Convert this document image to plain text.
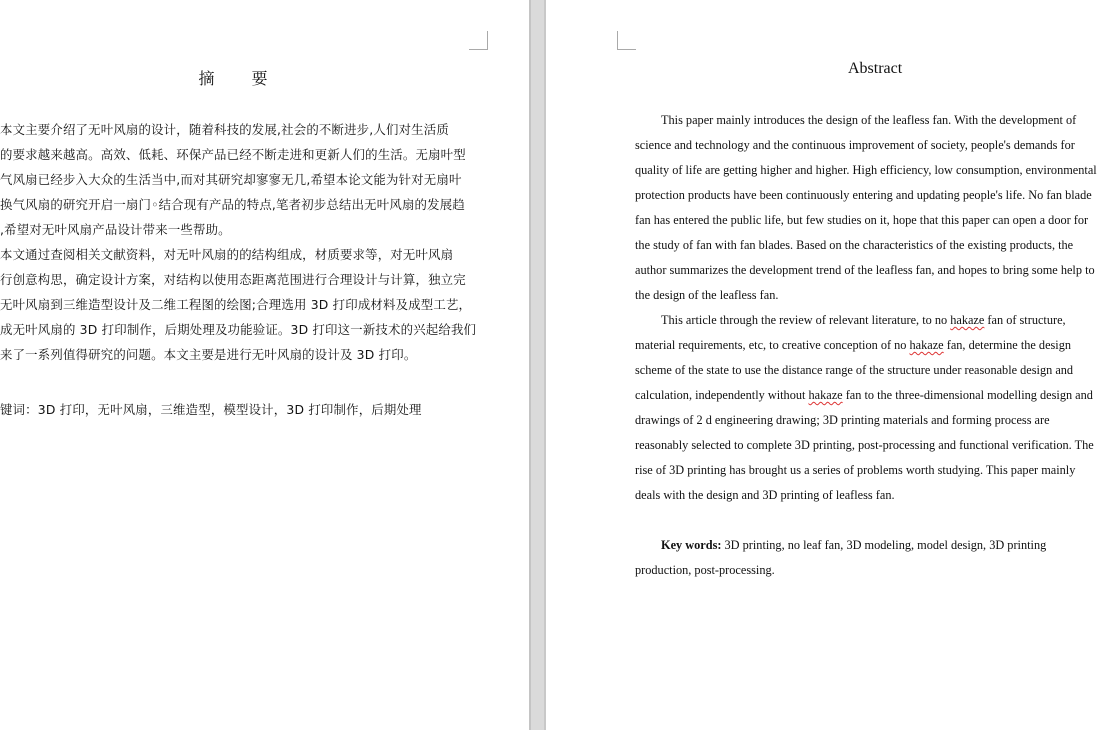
摘 要
本文主要介绍了无叶风扇的设计，随着科技的发展,社会的不断进步,人们对生活质
的要求越来越高。高效、低耗、环保产品已经不断走进和更新人们的生活。无扇叶型
气风扇已经步入大众的生活当中,而对其研究却寥寥无几,希望本论文能为针对无扇叶
换气风扇的研究开启一扇门◦结合现有产品的特点,笔者初步总结出无叶风扇的发展趋
,希望对无叶风扇产品设计带来一些帮助。
本文通过查阅相关文献资料，对无叶风扇的的结构组成，材质要求等，对无叶风扇
行创意构思，确定设计方案，对结构以使用态距离范围进行合理设计与计算，独立完
无叶风扇到三维造型设计及二维工程图的绘图;合理选用 3D 打印成材料及成型工艺，
成无叶风扇的 3D 打印制作，后期处理及功能验证。3D 打印这一新技术的兴起给我们
来了一系列值得研究的问题。本文主要是进行无叶风扇的设计及 3D 打印。
键词：3D 打印，无叶风扇，三维造型，模型设计，3D 打印制作，后期处理
Abstract
This paper mainly introduces the design of the leafless fan. With the development of
science and technology and the continuous improvement of society, people's demands for
quality of life are getting higher and higher. High efficiency, low consumption, environmental
protection products have been continuously entering and updating people's life. No fan blade
fan has entered the public life, but few studies on it, hope that this paper can open a door for
the study of fan with fan blades. Based on the characteristics of the existing products, the
author summarizes the development trend of the leafless fan, and hopes to bring some help to
the design of the leafless fan.
This article through the review of relevant literature, to no hakaze fan of structure,
material requirements, etc, to creative conception of no hakaze fan, determine the design
scheme of the state to use the distance range of the structure under reasonable design and
calculation, independently without hakaze fan to the three-dimensional modelling design and
drawings of 2 d engineering drawing; 3D printing materials and forming process are
reasonably selected to complete 3D printing, post-processing and functional verification. The
rise of 3D printing has brought us a series of problems worth studying. This paper mainly
deals with the design and 3D printing of leafless fan.
Key words: 3D printing, no leaf fan, 3D modeling, model design, 3D printing
production, post-processing.
